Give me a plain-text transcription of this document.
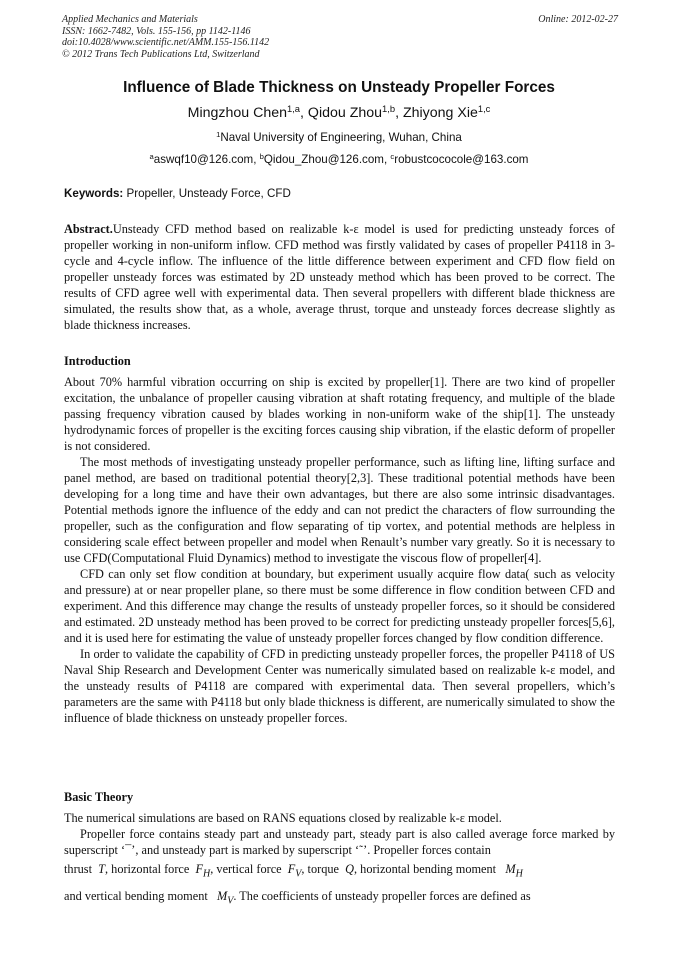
Applied Mechanics and Materials
ISSN: 1662-7482, Vols. 155-156, pp 1142-1146
doi:10.4028/www.scientific.net/AMM.155-156.1142
© 2012 Trans Tech Publications Ltd, Switzerland
Online: 2012-02-27
Influence of Blade Thickness on Unsteady Propeller Forces
Mingzhou Chen$^{1,a}$, Qidou Zhou$^{1,b}$, Zhiyong Xie$^{1,c}$
$^1$Naval University of Engineering, Wuhan, China
$^a$aswqf10@126.com, $^b$Qidou_Zhou@126.com, $^c$robustcococole@163.com
Keywords: Propeller, Unsteady Force, CFD

Abstract.Unsteady CFD method based on realizable k-ε model is used for predicting unsteady forces of propeller working in non-uniform inflow. CFD method was firstly validated by cases of propeller P4118 in 3-cycle and 4-cycle inflow. The influence of the little difference between experiment and CFD flow field on propeller unsteady forces was estimated by 2D unsteady method which has been proved to be correct. The results of CFD agree well with experimental data. Then several propellers with different blade thickness are simulated, the results show that, as a whole, average thrust, torque and unsteady forces decrease slightly as blade thickness increases.

Introduction

About 70% harmful vibration occurring on ship is excited by propeller[1]. There are two kind of propeller excitation, the unbalance of propeller causing vibration at shaft rotating frequency, and multiple of the blade passing frequency vibration caused by blades working in non-uniform wake of the ship[1]. The unsteady hydrodynamic forces of propeller is the exciting forces causing ship vibration, if the elastic deform of propeller is not considered.

The most methods of investigating unsteady propeller performance, such as lifting line, lifting surface and panel method, are based on traditional potential theory[2,3]. These traditional potential methods have been developing for a long time and have their own advantages, but there are also some intrinsic disadvantages. Potential methods ignore the influence of the eddy and can not predict the characters of flow surrounding the propeller, such as the configuration and flow separating of tip vortex, and potential methods are helpless in considering scale effect between propeller and model when Renault’s number vary greatly. So it is necessary to use CFD(Computational Fluid Dynamics) method to investigate the viscous flow of propeller[4].

CFD can only set flow condition at boundary, but experiment usually acquire flow data( such as velocity and pressure) at or near propeller plane, so there must be some difference in flow condition between CFD and experiment. And this difference may change the results of unsteady propeller forces, so it should be considered and estimated. 2D unsteady method has been proved to be correct for predicting unsteady propeller forces[5,6], and it is used here for estimating the value of unsteady propeller forces changed by flow condition difference.

In order to validate the capability of CFD in predicting unsteady propeller forces, the propeller P4118 of US Naval Ship Research and Development Center was numerically simulated based on realizable k-ε model, and the unsteady results of P4118 are compared with experimental data. Then several propellers, which’s parameters are the same with P4118 but only blade thickness is different, are numerically simulated to show the influence of blade thickness on unsteady propeller forces.

Basic Theory

The numerical simulations are based on RANS equations closed by realizable k-ε model.

Propeller force contains steady part and unsteady part, steady part is also called average force marked by superscript ‘¯’, and unsteady part is marked by superscript ‘˜’. Propeller forces contain

thrust T, horizontal force $F_H$, vertical force $F_V$, torque Q, horizontal bending moment $M_H$

and vertical bending moment $M_V$. The coefficients of unsteady propeller forces are defined as
